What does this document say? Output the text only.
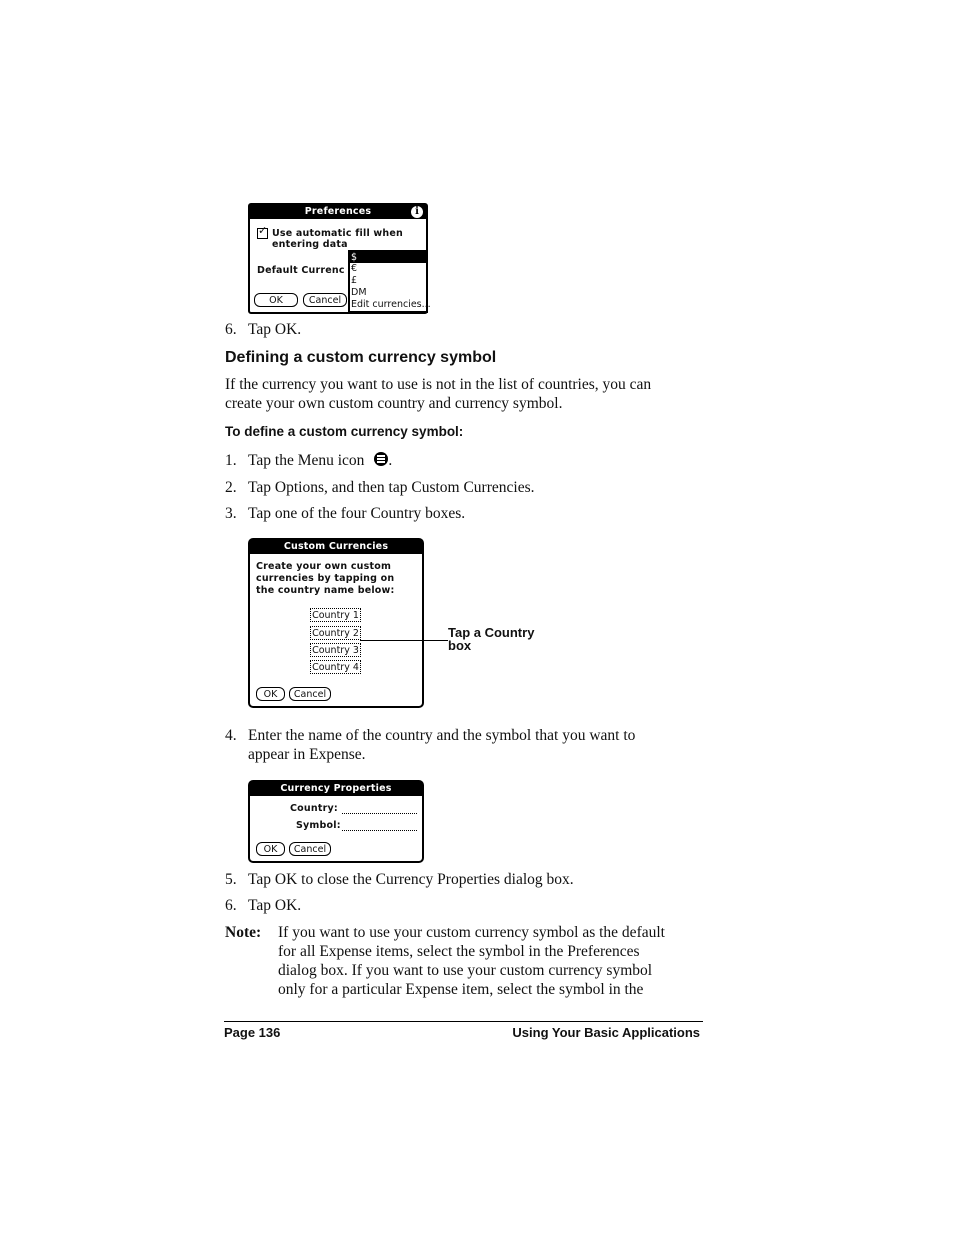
Preferences	i
✓ Use automatic fill when
entering data
Default Currenc
OK	Cancel
$
€
£
DM
Edit currencies...
6. Tap OK.
Defining a custom currency symbol
If the currency you want to use is not in the list of countries, you can
create your own custom country and currency symbol.
To define a custom currency symbol:
1. Tap the Menu icon .
2. Tap Options, and then tap Custom Currencies.
3. Tap one of the four Country boxes.
Custom Currencies
Create your own custom
currencies by tapping on
the country name below:
Country 1
Country 2
Country 3
Country 4
OK	Cancel
Tap a Country
box
4. Enter the name of the country and the symbol that you want to
appear in Expense.
Currency Properties
Country:
Symbol:
OK	Cancel
5. Tap OK to close the Currency Properties dialog box.
6. Tap OK.
Note: If you want to use your custom currency symbol as the default
for all Expense items, select the symbol in the Preferences
dialog box. If you want to use your custom currency symbol
only for a particular Expense item, select the symbol in the
Page 136	Using Your Basic Applications
